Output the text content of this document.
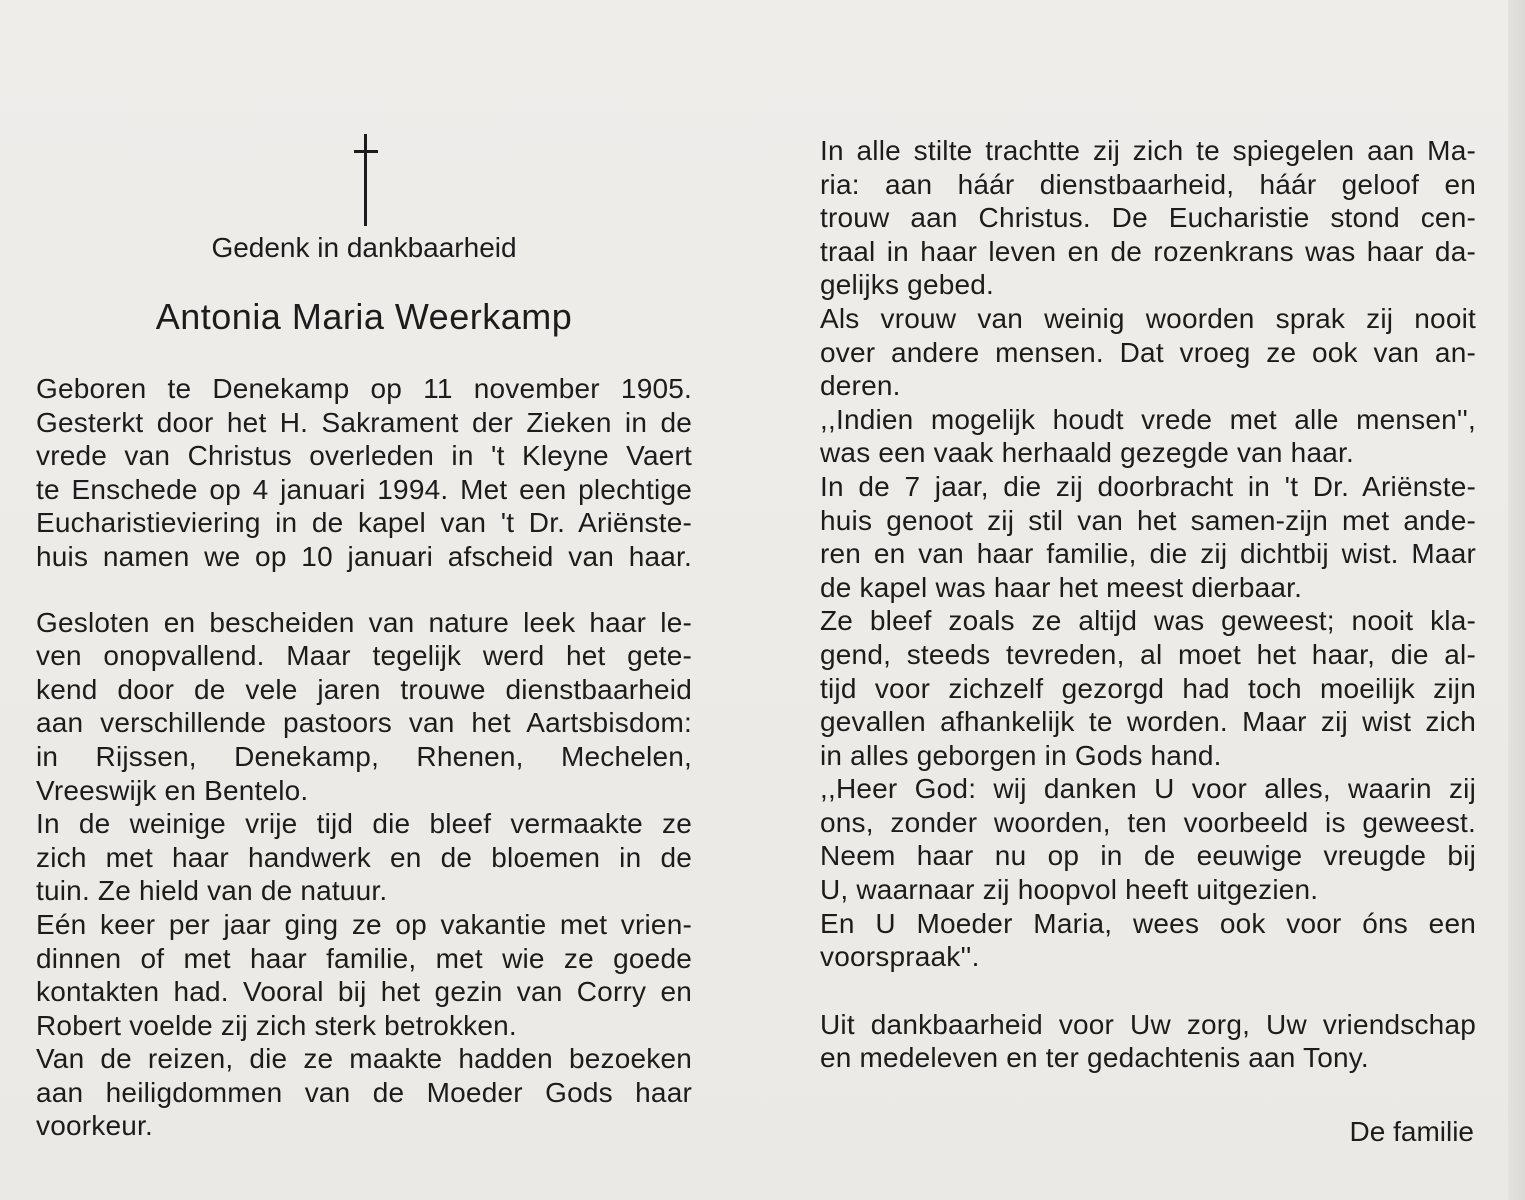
Gedenk in dankbaarheid
Antonia Maria Weerkamp
Geboren te Denekamp op 11 november 1905.
Gesterkt door het H. Sakrament der Zieken in de
vrede van Christus overleden in 't Kleyne Vaert
te Enschede op 4 januari 1994. Met een plechtige
Eucharistieviering in de kapel van 't Dr. Ariënste-
huis namen we op 10 januari afscheid van haar.
Gesloten en bescheiden van nature leek haar le-
ven onopvallend. Maar tegelijk werd het gete-
kend door de vele jaren trouwe dienstbaarheid
aan verschillende pastoors van het Aartsbisdom:
in Rijssen, Denekamp, Rhenen, Mechelen,
Vreeswijk en Bentelo.
In de weinige vrije tijd die bleef vermaakte ze
zich met haar handwerk en de bloemen in de
tuin. Ze hield van de natuur.
Eén keer per jaar ging ze op vakantie met vrien-
dinnen of met haar familie, met wie ze goede
kontakten had. Vooral bij het gezin van Corry en
Robert voelde zij zich sterk betrokken.
Van de reizen, die ze maakte hadden bezoeken
aan heiligdommen van de Moeder Gods haar
voorkeur.
In alle stilte trachtte zij zich te spiegelen aan Ma-
ria: aan háár dienstbaarheid, háár geloof en
trouw aan Christus. De Eucharistie stond cen-
traal in haar leven en de rozenkrans was haar da-
gelijks gebed.
Als vrouw van weinig woorden sprak zij nooit
over andere mensen. Dat vroeg ze ook van an-
deren.
,,Indien mogelijk houdt vrede met alle mensen'',
was een vaak herhaald gezegde van haar.
In de 7 jaar, die zij doorbracht in 't Dr. Ariënste-
huis genoot zij stil van het samen-zijn met ande-
ren en van haar familie, die zij dichtbij wist. Maar
de kapel was haar het meest dierbaar.
Ze bleef zoals ze altijd was geweest; nooit kla-
gend, steeds tevreden, al moet het haar, die al-
tijd voor zichzelf gezorgd had toch moeilijk zijn
gevallen afhankelijk te worden. Maar zij wist zich
in alles geborgen in Gods hand.
,,Heer God: wij danken U voor alles, waarin zij
ons, zonder woorden, ten voorbeeld is geweest.
Neem haar nu op in de eeuwige vreugde bij
U, waarnaar zij hoopvol heeft uitgezien.
En U Moeder Maria, wees ook voor óns een
voorspraak''.
Uit dankbaarheid voor Uw zorg, Uw vriendschap
en medeleven en ter gedachtenis aan Tony.
De familie
